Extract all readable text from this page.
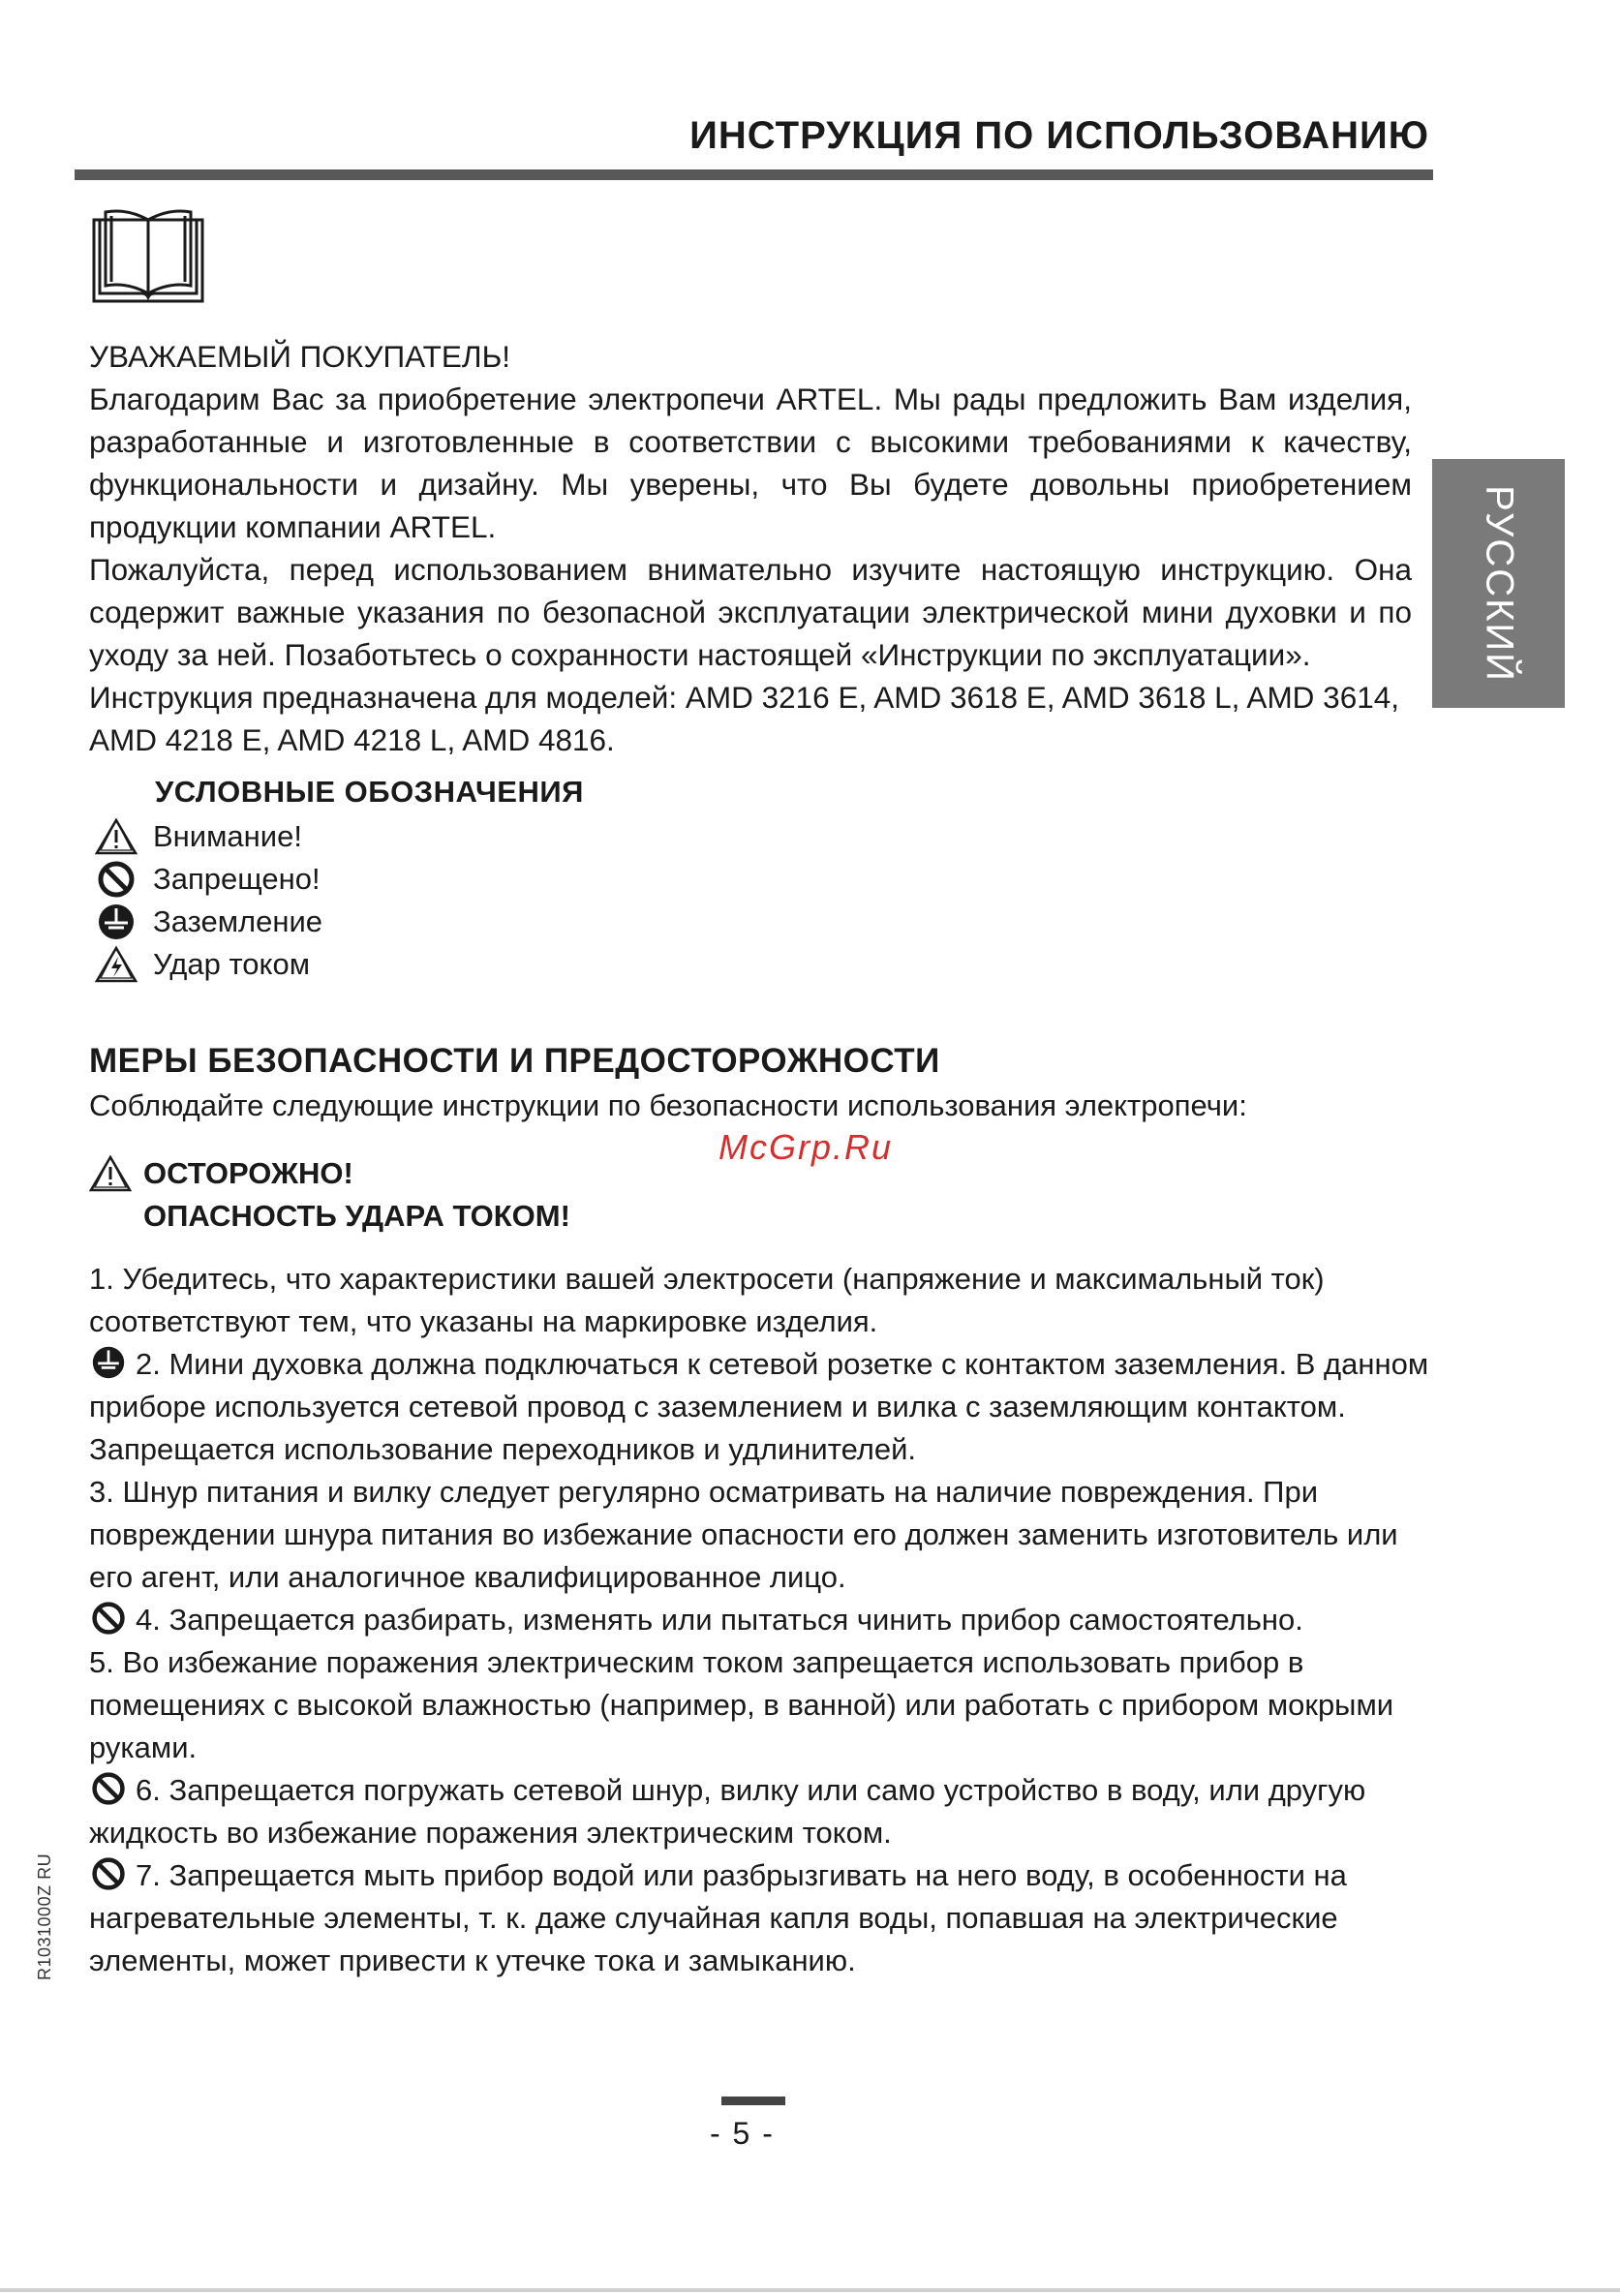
ИНСТРУКЦИЯ ПО ИСПОЛЬЗОВАНИЮ
РУССКИЙ

УВАЖАЕМЫЙ ПОКУПАТЕЛЬ!

Благодарим Вас за приобретение электропечи ARTEL. Мы рады предложить Вам изделия, разработанные и изготовленные в соответствии с высокими требованиями к качеству, функциональности и дизайну. Мы уверены, что Вы будете довольны приобретением продукции компании ARTEL.

Пожалуйста, перед использованием внимательно изучите настоящую инструкцию. Она содержит важные указания по безопасной эксплуатации электрической мини духовки и по уходу за ней. Позаботьтесь о сохранности настоящей «Инструкции по эксплуатации».

Инструкция предназначена для моделей: AMD 3216 E, AMD 3618 E, AMD 3618 L, AMD 3614, AMD 4218 E, AMD 4218 L, AMD 4816.

УСЛОВНЫЕ ОБОЗНАЧЕНИЯ
Внимание!
Запрещено!
Заземление
Удар током
МЕРЫ БЕЗОПАСНОСТИ И ПРЕДОСТОРОЖНОСТИ
Соблюдайте следующие инструкции по безопасности использования электропечи:
McGrp.Ru
ОСТОРОЖНО!
ОПАСНОСТЬ УДАРА ТОКОМ!

1. Убедитесь, что характеристики вашей электросети (напряжение и максимальный ток) соответствуют тем, что указаны на маркировке изделия.

2. Мини духовка должна подключаться к сетевой розетке с контактом заземления. В данном приборе используется сетевой провод с заземлением и вилка с заземляющим контактом. Запрещается использование переходников и удлинителей.

3. Шнур питания и вилку следует регулярно осматривать на наличие повреждения. При повреждении шнура питания во избежание опасности его должен заменить изготовитель или его агент, или аналогичное квалифицированное лицо.

4. Запрещается разбирать, изменять или пытаться чинить прибор самостоятельно.

5. Во избежание поражения электрическим током запрещается использовать прибор в помещениях с высокой влажностью (например, в ванной) или работать с прибором мокрыми руками.

6. Запрещается погружать сетевой шнур, вилку или само устройство в воду, или другую жидкость во избежание поражения электрическим током.

7. Запрещается мыть прибор водой или разбрызгивать на него воду, в особенности на нагревательные элементы, т. к. даже случайная капля воды, попавшая на электрические элементы, может привести к утечке тока и замыканию.

R1031000Z RU
- 5 -
